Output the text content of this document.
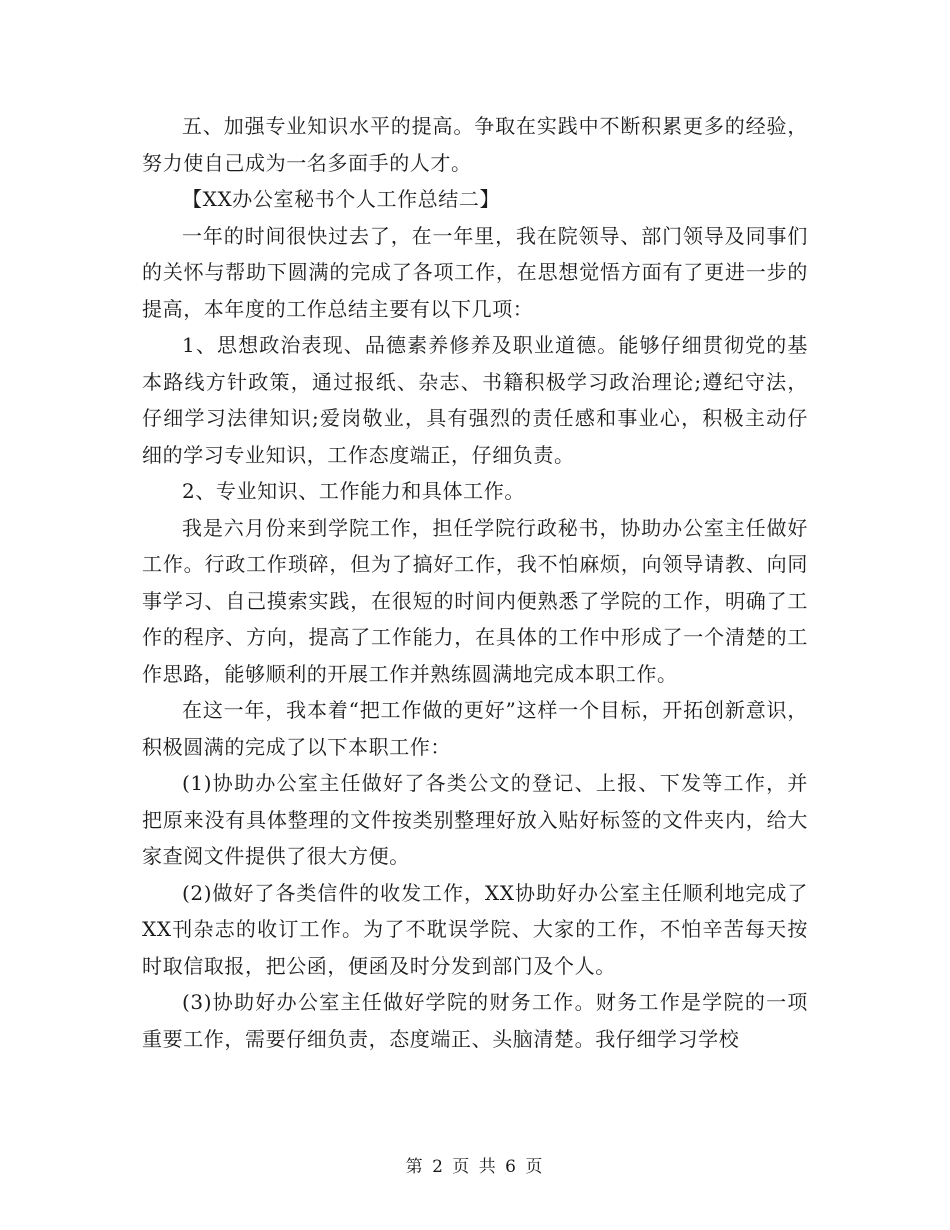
五、加强专业知识水平的提高。争取在实践中不断积累更多的经验，努力使自己成为一名多面手的人才。

【XX办公室秘书个人工作总结二】

一年的时间很快过去了，在一年里，我在院领导、部门领导及同事们的关怀与帮助下圆满的完成了各项工作，在思想觉悟方面有了更进一步的提高，本年度的工作总结主要有以下几项：

1、思想政治表现、品德素养修养及职业道德。能够仔细贯彻党的基本路线方针政策，通过报纸、杂志、书籍积极学习政治理论;遵纪守法，仔细学习法律知识;爱岗敬业，具有强烈的责任感和事业心，积极主动仔细的学习专业知识，工作态度端正，仔细负责。

2、专业知识、工作能力和具体工作。

我是六月份来到学院工作，担任学院行政秘书，协助办公室主任做好工作。行政工作琐碎，但为了搞好工作，我不怕麻烦，向领导请教、向同事学习、自己摸索实践，在很短的时间内便熟悉了学院的工作，明确了工作的程序、方向，提高了工作能力，在具体的工作中形成了一个清楚的工作思路，能够顺利的开展工作并熟练圆满地完成本职工作。

在这一年，我本着“把工作做的更好”这样一个目标，开拓创新意识，积极圆满的完成了以下本职工作：

(1)协助办公室主任做好了各类公文的登记、上报、下发等工作，并把原来没有具体整理的文件按类别整理好放入贴好标签的文件夹内，给大家查阅文件提供了很大方便。

(2)做好了各类信件的收发工作，XX协助好办公室主任顺利地完成了XX刊杂志的收订工作。为了不耽误学院、大家的工作，不怕辛苦每天按时取信取报，把公函，便函及时分发到部门及个人。

(3)协助好办公室主任做好学院的财务工作。财务工作是学院的一项重要工作，需要仔细负责，态度端正、头脑清楚。我仔细学习学校

第 2 页 共 6 页
